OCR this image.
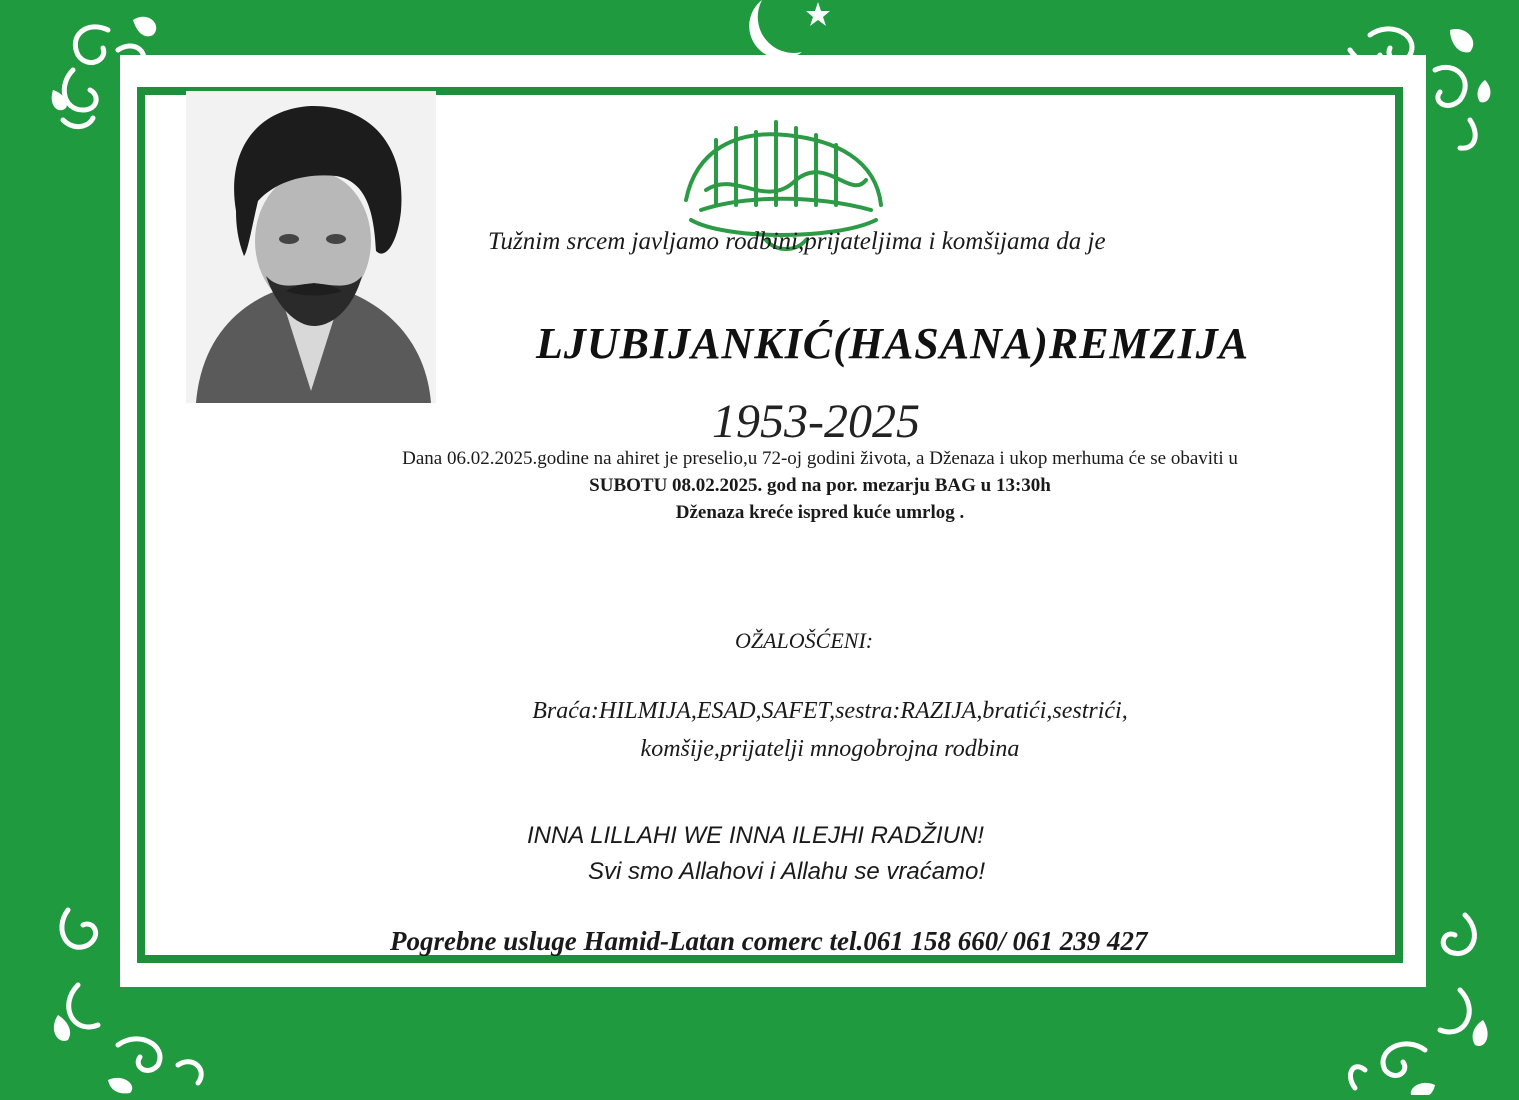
Tužnim srcem javljamo rodbini,prijateljima i komšijama da je
LJUBIJANKIĆ(HASANA)REMZIJA
1953-2025
Dana 06.02.2025.godine na ahiret je preselio,u 72-oj godini života, a Dženaza i ukop merhuma će se obaviti u
SUBOTU 08.02.2025. god na por. mezarju BAG u 13:30h
Dženaza kreće ispred kuće umrlog .
OŽALOŠĆENI:
Braća:HILMIJA,ESAD,SAFET,sestra:RAZIJA,bratići,sestrići,
komšije,prijatelji mnogobrojna rodbina
INNA LILLAHI WE INNA ILEJHI RADŽIUN!
Svi smo Allahovi i Allahu se vraćamo!
Pogrebne usluge Hamid-Latan comerc tel.061 158 660/ 061 239 427
